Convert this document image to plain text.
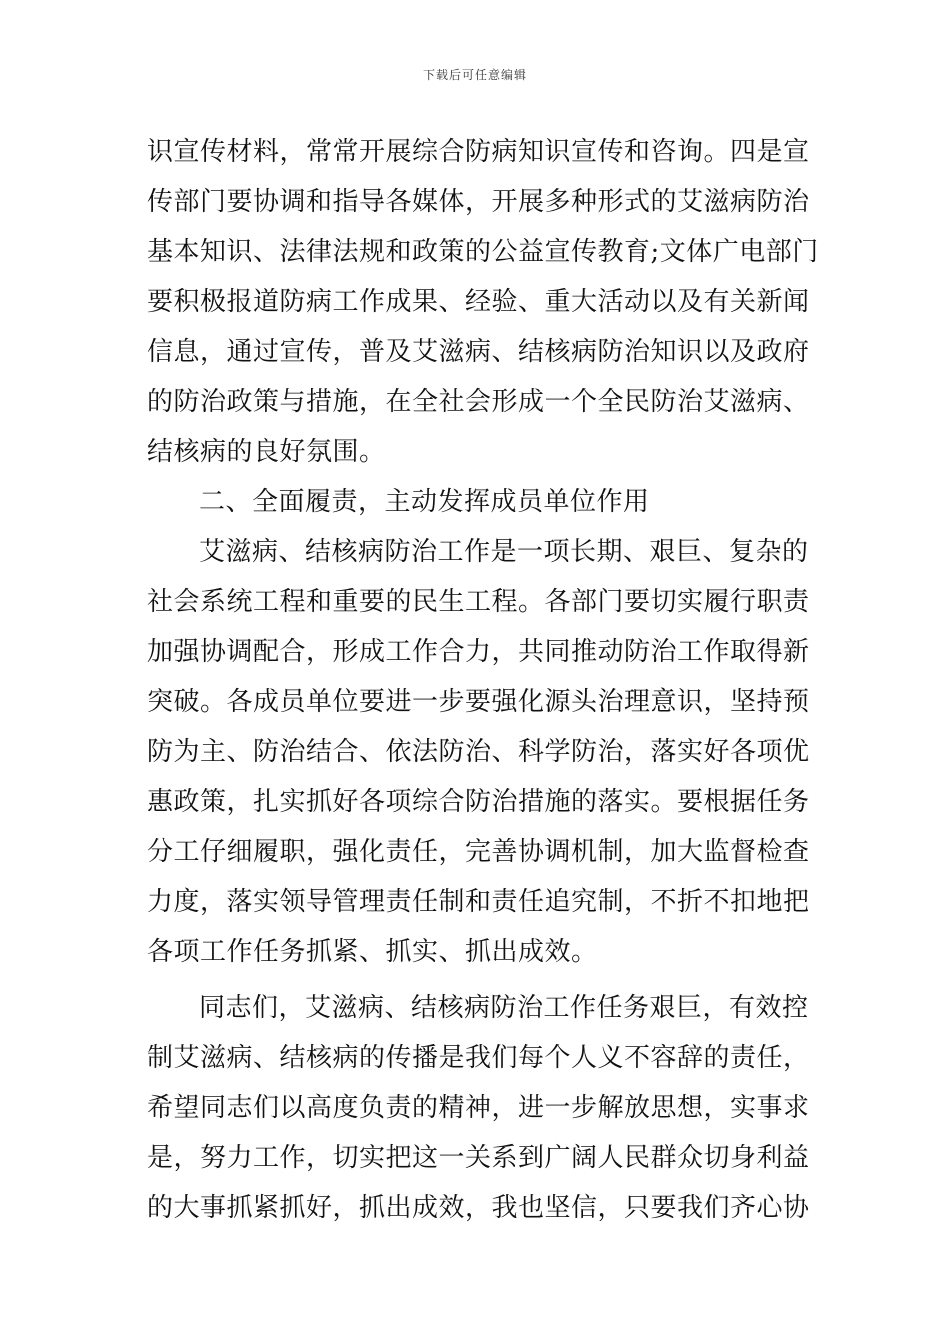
下载后可任意编辑
识宣传材料，常常开展综合防病知识宣传和咨询。四是宣
传部门要协调和指导各媒体，开展多种形式的艾滋病防治
基本知识、法律法规和政策的公益宣传教育;文体广电部门
要积极报道防病工作成果、经验、重大活动以及有关新闻
信息，通过宣传，普及艾滋病、结核病防治知识以及政府
的防治政策与措施，在全社会形成一个全民防治艾滋病、
结核病的良好氛围。
二、全面履责，主动发挥成员单位作用
艾滋病、结核病防治工作是一项长期、艰巨、复杂的
社会系统工程和重要的民生工程。各部门要切实履行职责
加强协调配合，形成工作合力，共同推动防治工作取得新
突破。各成员单位要进一步要强化源头治理意识，坚持预
防为主、防治结合、依法防治、科学防治，落实好各项优
惠政策，扎实抓好各项综合防治措施的落实。要根据任务
分工仔细履职，强化责任，完善协调机制，加大监督检查
力度，落实领导管理责任制和责任追究制，不折不扣地把
各项工作任务抓紧、抓实、抓出成效。
同志们，艾滋病、结核病防治工作任务艰巨，有效控
制艾滋病、结核病的传播是我们每个人义不容辞的责任，
希望同志们以高度负责的精神，进一步解放思想，实事求
是，努力工作，切实把这一关系到广阔人民群众切身利益
的大事抓紧抓好，抓出成效，我也坚信，只要我们齐心协
